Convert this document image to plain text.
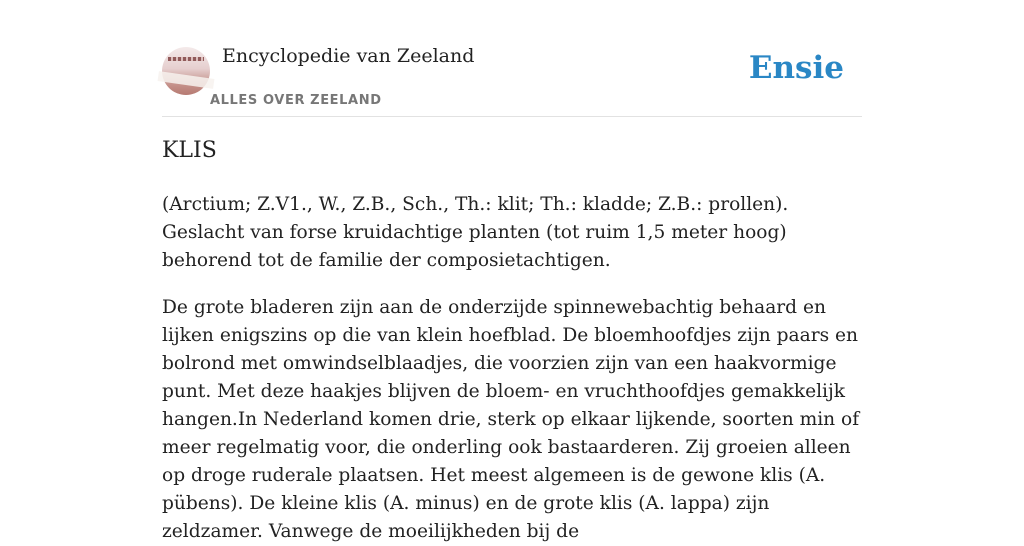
Encyclopedie van Zeeland
ALLES OVER ZEELAND
Ensie
KLIS

(Arctium; Z.V1., W., Z.B., Sch., Th.: klit; Th.: kladde; Z.B.: prollen). Geslacht van forse kruidachtige planten (tot ruim 1,5 meter hoog) behorend tot de familie der composietachtigen.

De grote bladeren zijn aan de onderzijde spinnewebachtig behaard en lijken enigszins op die van klein hoefblad. De bloemhoofdjes zijn paars en bolrond met omwindselblaadjes, die voorzien zijn van een haakvormige punt. Met deze haakjes blijven de bloem- en vruchthoofdjes gemakkelijk hangen.In Nederland komen drie, sterk op elkaar lijkende, soorten min of meer regelmatig voor, die onderling ook bastaarderen. Zij groeien alleen op droge ruderale plaatsen. Het meest algemeen is de gewone klis (A. pübens). De kleine klis (A. minus) en de grote klis (A. lappa) zijn zeldzamer. Vanwege de moeilijkheden bij de
